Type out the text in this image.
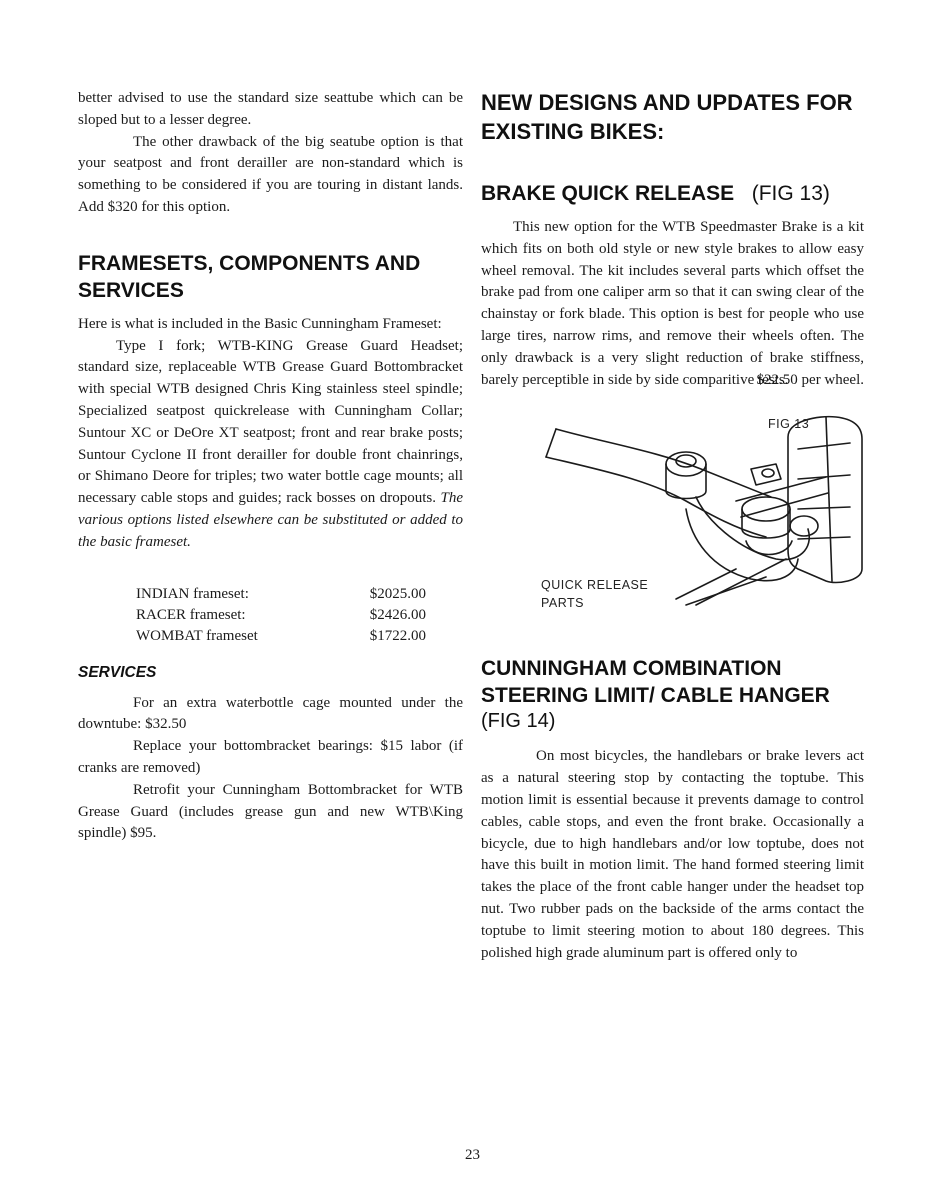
better advised to use the standard size seattube which can be sloped but to a lesser degree.

The other drawback of the big seatube option is that your seatpost and front derailler are non-standard which is something to be considered if you are touring in distant lands. Add $320 for this option.

FRAMESETS, COMPONENTS AND SERVICES

Here is what is included in the Basic Cunningham Frameset:

Type I fork; WTB-KING Grease Guard Headset; standard size, replaceable WTB Grease Guard Bottombracket with special WTB designed Chris King stainless steel spindle; Specialized seatpost quickrelease with Cunningham Collar; Suntour XC or DeOre XT seatpost; front and rear brake posts; Suntour Cyclone II front derailler for double front chainrings, or Shimano Deore for triples; two water bottle cage mounts; all necessary cable stops and guides; rack bosses on dropouts. The various options listed elsewhere can be substituted or added to the basic frameset.

INDIAN frameset:	$2025.00
RACER frameset:	$2426.00
WOMBAT frameset	$1722.00
SERVICES

For an extra waterbottle cage mounted under the downtube: $32.50

Replace your bottombracket bearings: $15 labor (if cranks are removed)

Retrofit your Cunningham Bottombracket for WTB Grease Guard (includes grease gun and new WTB\King spindle) $95.

NEW DESIGNS AND UPDATES FOR EXISTING BIKES:
BRAKE QUICK RELEASE (FIG 13)

This new option for the WTB Speedmaster Brake is a kit which fits on both old style or new style brakes to allow easy wheel removal. The kit includes several parts which offset the brake pad from one caliper arm so that it can swing clear of the chainstay or fork blade. This option is best for people who use large tires, narrow rims, and remove their wheels often. The only drawback is a very slight reduction of brake stiffness, barely perceptible in side by side comparitive tests.

$22.50 per wheel.
FIG 13
QUICK RELEASE
PARTS
CUNNINGHAM COMBINATION STEERING LIMIT/ CABLE HANGER
(FIG 14)

On most bicycles, the handlebars or brake levers act as a natural steering stop by contacting the toptube. This motion limit is essential because it prevents damage to control cables, cable stops, and even the front brake. Occasionally a bicycle, due to high handlebars and/or low toptube, does not have this built in motion limit. The hand formed steering limit takes the place of the front cable hanger under the headset top nut. Two rubber pads on the backside of the arms contact the toptube to limit steering motion to about 180 degrees. This polished high grade aluminum part is offered only to

23
